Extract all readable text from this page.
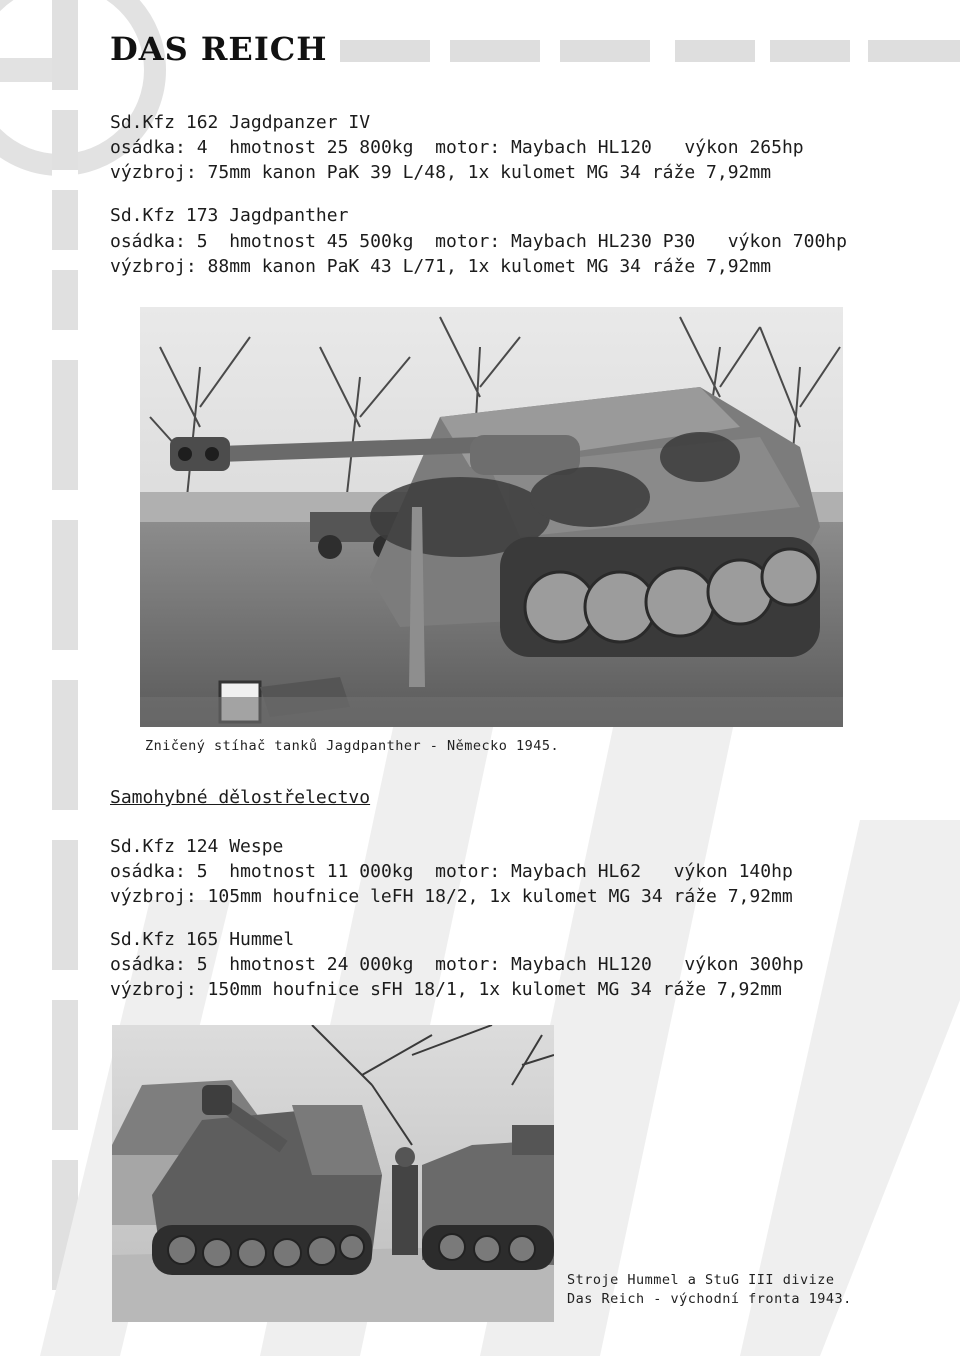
DAS REICH
Sd.Kfz 162 Jagdpanzer IV
osádka: 4 hmotnost 25 800kg motor: Maybach HL120 výkon 265hp
výzbroj: 75mm kanon PaK 39 L/48, 1x kulomet MG 34 ráže 7,92mm
Sd.Kfz 173 Jagdpanther
osádka: 5 hmotnost 45 500kg motor: Maybach HL230 P30 výkon 700hp
výzbroj: 88mm kanon PaK 43 L/71, 1x kulomet MG 34 ráže 7,92mm
Zničený stíhač tanků Jagdpanther - Německo 1945.
Samohybné dělostřelectvo
Sd.Kfz 124 Wespe
osádka: 5 hmotnost 11 000kg motor: Maybach HL62 výkon 140hp
výzbroj: 105mm houfnice leFH 18/2, 1x kulomet MG 34 ráže 7,92mm
Sd.Kfz 165 Hummel
osádka: 5 hmotnost 24 000kg motor: Maybach HL120 výkon 300hp
výzbroj: 150mm houfnice sFH 18/1, 1x kulomet MG 34 ráže 7,92mm
Stroje Hummel a StuG III divize
Das Reich - východní fronta 1943.
